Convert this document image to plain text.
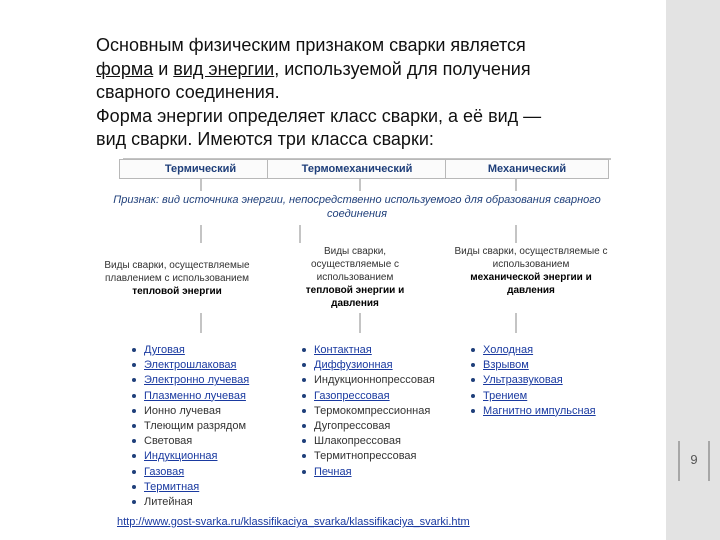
9
Основным физическим признаком сварки является
форма и вид энергии, используемой для получения
сварного соединения.
Форма энергии определяет класс сварки, а её вид —
вид сварки. Имеются три класса сварки:
Термический	Термомеханический	Механический
Признак: вид источника энергии, непосредственно используемого для образования сварного соединения
Виды сварки, осуществляемые плавлением с использованием
тепловой энергии
Виды сварки, осуществляемые с использованием
тепловой энергии и давления
Виды сварки, осуществляемые с использованием
механической энергии и давления
Дуговая
Электрошлаковая
Электронно лучевая
Плазменно лучевая
Ионно лучевая
Тлеющим разрядом
Световая
Индукционная
Газовая
Термитная
Литейная
Контактная
Диффузионная
Индукционнопрессовая
Газопрессовая
Термокомпрессионная
Дугопрессовая
Шлакопрессовая
Термитнопрессовая
Печная
Холодная
Взрывом
Ультразвуковая
Трением
Магнитно импульсная
http://www.gost-svarka.ru/klassifikaciya_svarka/klassifikaciya_svarki.htm
